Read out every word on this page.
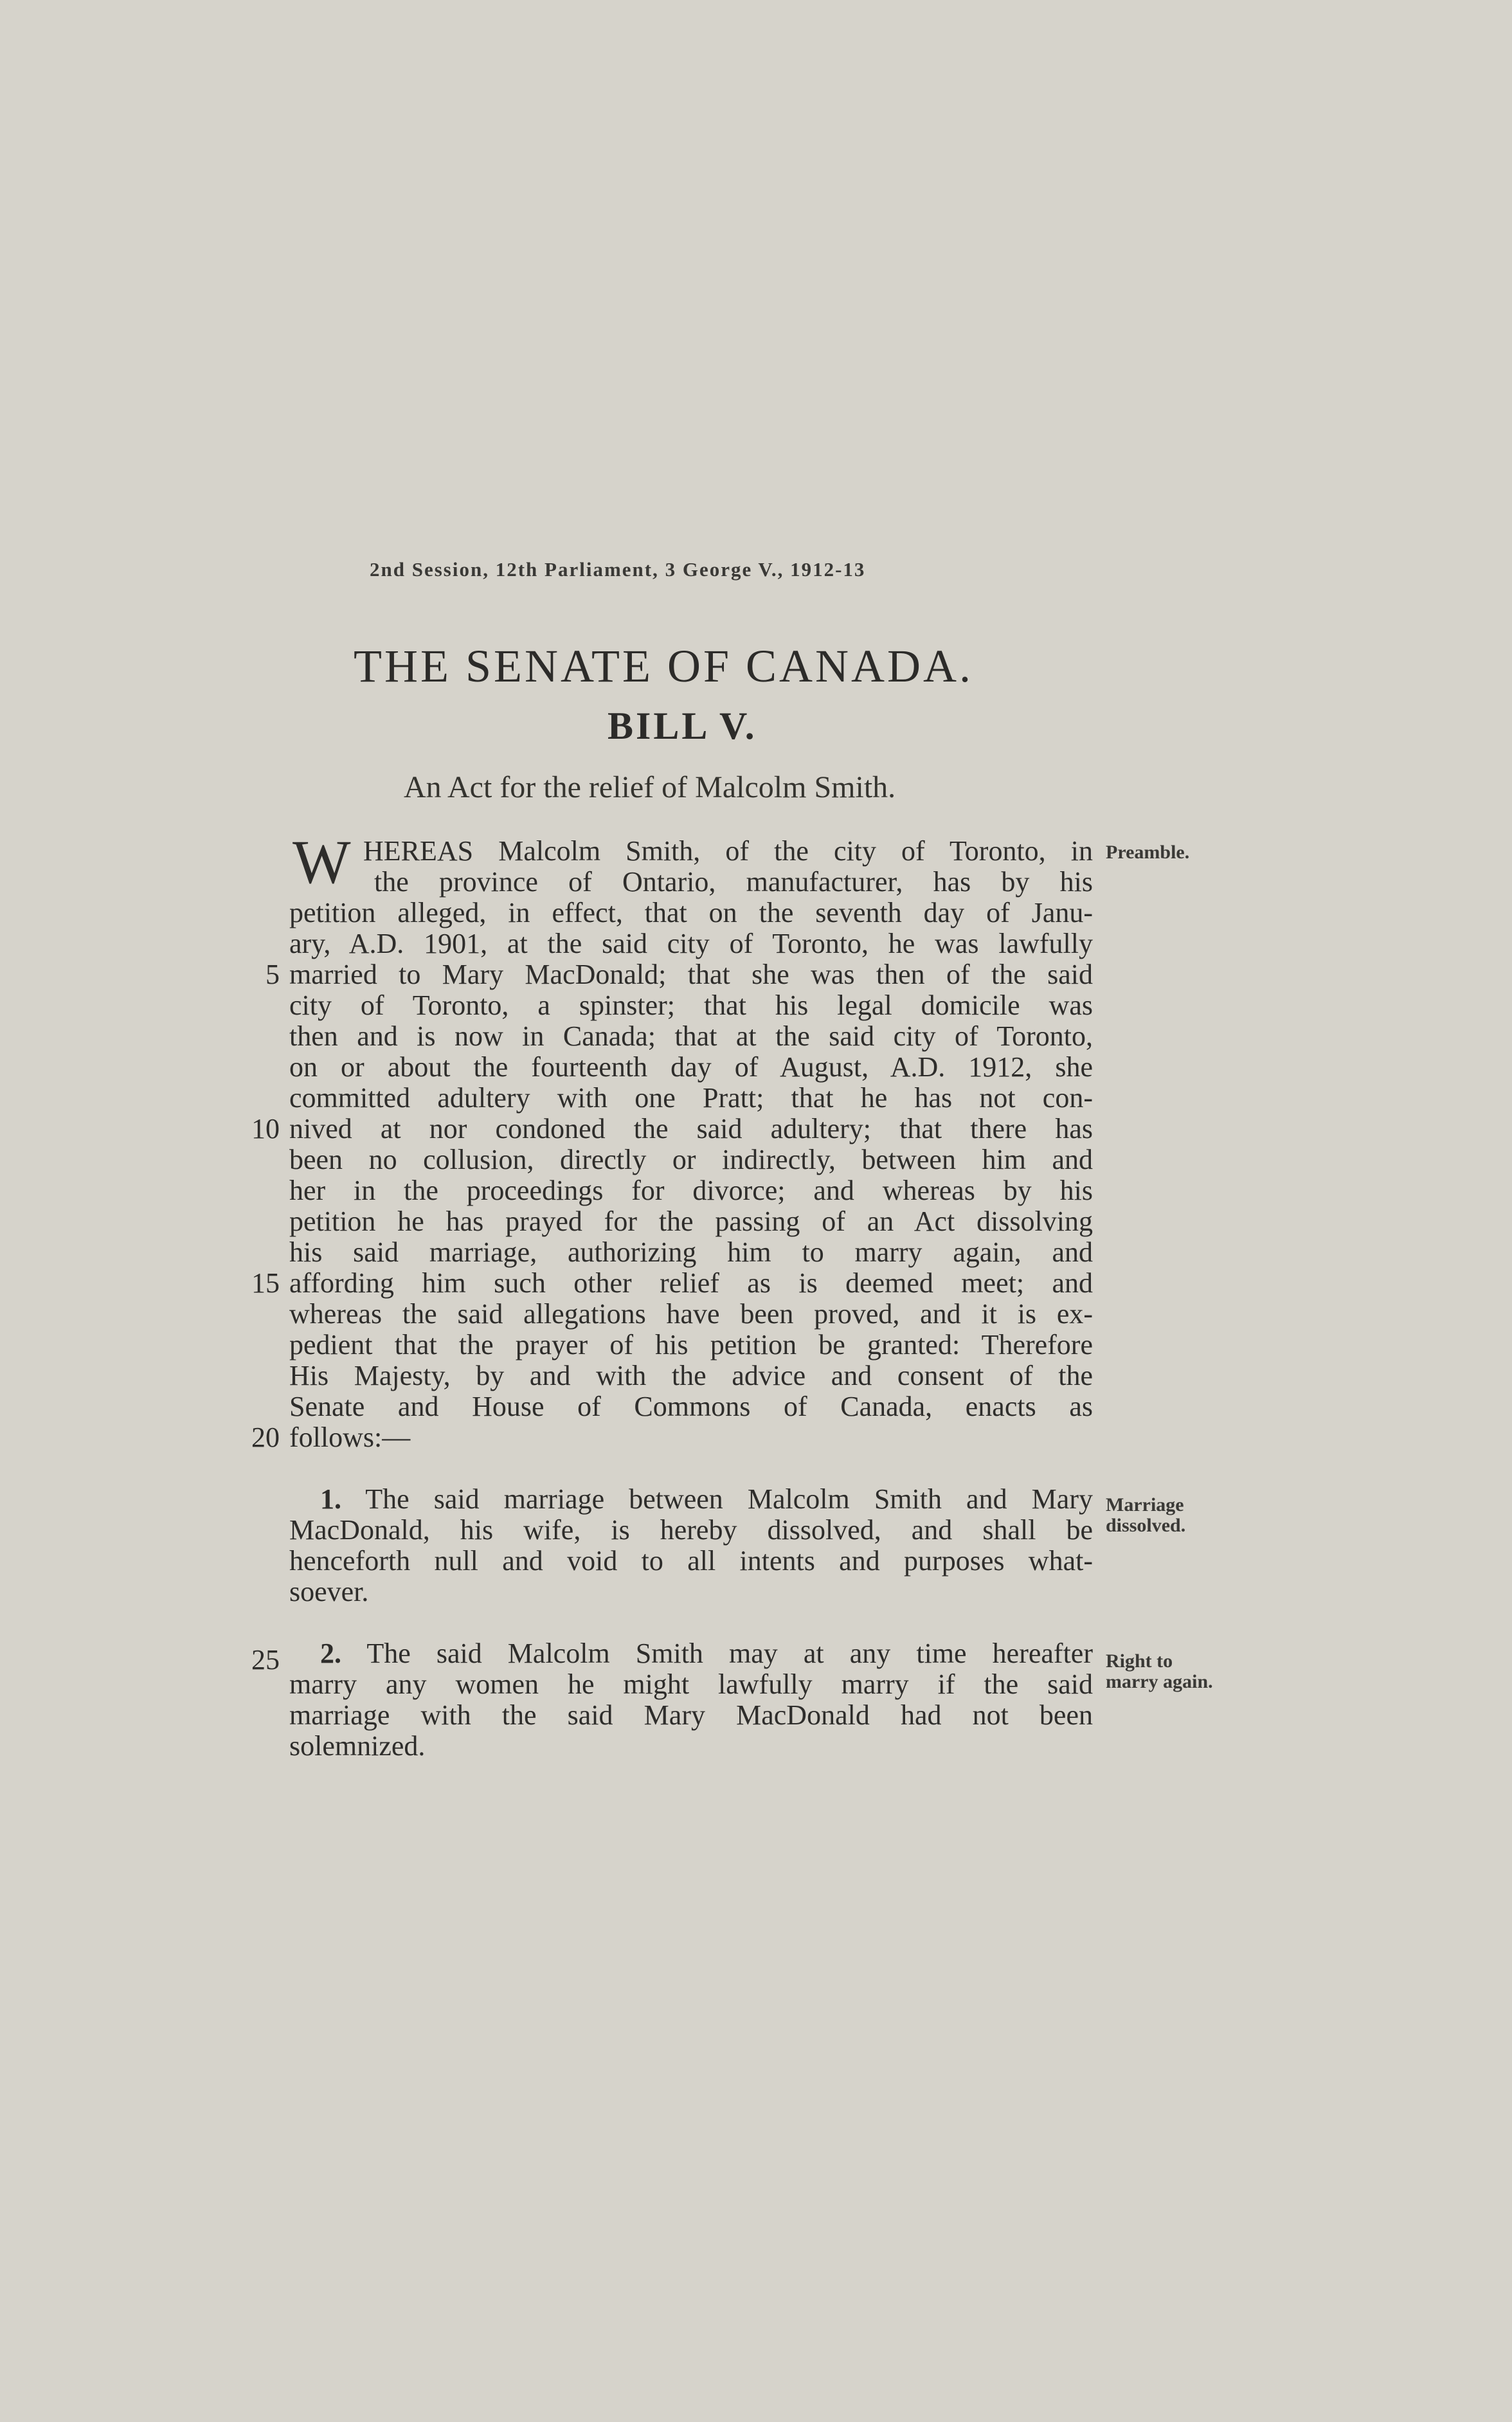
2nd Session, 12th Parliament, 3 George V., 1912-13
THE SENATE OF CANADA.
BILL V.
An Act for the relief of Malcolm Smith.
W HEREAS Malcolm Smith, of the city of Toronto, in
the province of Ontario, manufacturer, has by his
petition alleged, in effect, that on the seventh day of Janu-
ary, A.D. 1901, at the said city of Toronto, he was lawfully
married to Mary MacDonald; that she was then of the said
city of Toronto, a spinster; that his legal domicile was
then and is now in Canada; that at the said city of Toronto,
on or about the fourteenth day of August, A.D. 1912, she
committed adultery with one Pratt; that he has not con-
nived at nor condoned the said adultery; that there has
been no collusion, directly or indirectly, between him and
her in the proceedings for divorce; and whereas by his
petition he has prayed for the passing of an Act dissolving
his said marriage, authorizing him to marry again, and
affording him such other relief as is deemed meet; and
whereas the said allegations have been proved, and it is ex-
pedient that the prayer of his petition be granted: Therefore
His Majesty, by and with the advice and consent of the
Senate and House of Commons of Canada, enacts as
follows:—
Preamble.
5
10
15
20
25
1. The said marriage between Malcolm Smith and Mary
MacDonald, his wife, is hereby dissolved, and shall be
henceforth null and void to all intents and purposes what-
soever.
Marriage
dissolved.
2. The said Malcolm Smith may at any time hereafter
marry any women he might lawfully marry if the said
marriage with the said Mary MacDonald had not been
solemnized.
Right to
marry again.
